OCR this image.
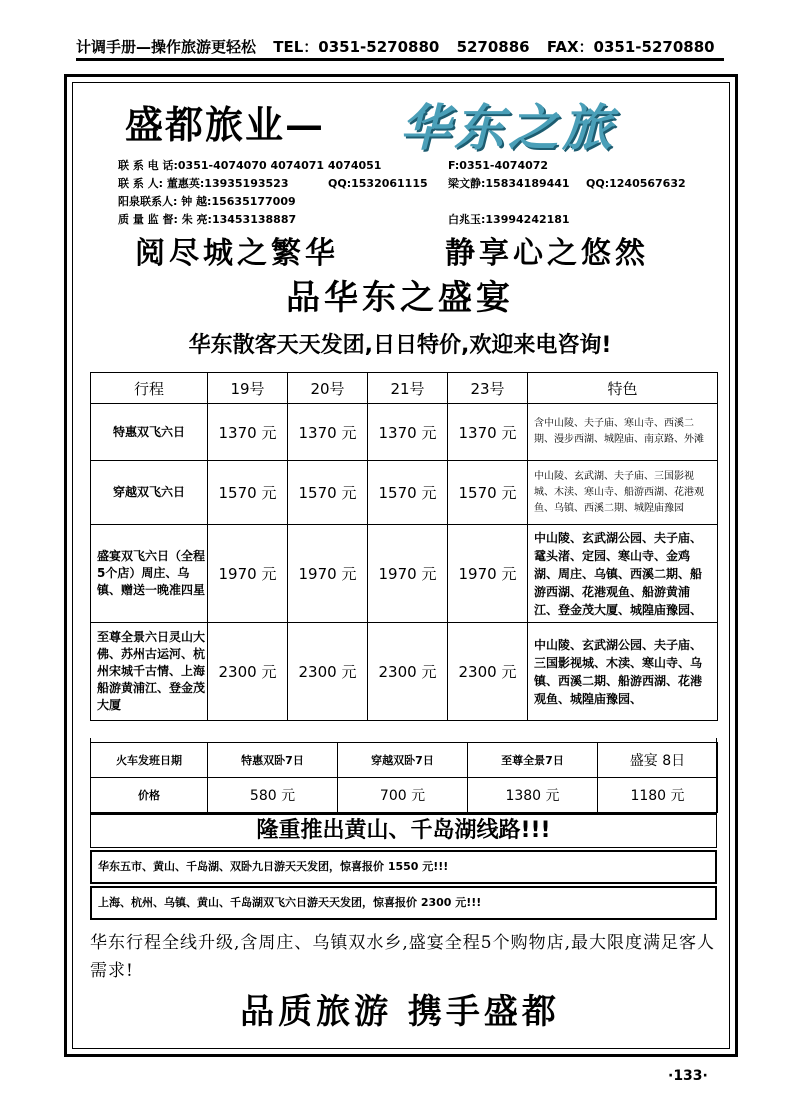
计调手册—操作旅游更轻松 TEL：0351-5270880 5270886 FAX：0351-5270880
盛都旅业— 华东之旅
联 系 电 话:0351-4074070 4074071 4074051	F:0351-4074072
联 系 人: 董惠英:13935193523	QQ:1532061115 梁文静:15834189441 QQ:1240567632
阳泉联系人: 钟 越:15635177009
质 量 监 督: 朱 亮:13453138887	白兆玉:13994242181
阅尽城之繁华	静享心之悠然
品华东之盛宴
华东散客天天发团,日日特价,欢迎来电咨询!
行程	19号	20号	21号	23号	特色
特惠双飞六日	1370 元	1370 元	1370 元	1370 元	含中山陵、夫子庙、寒山寺、西溪二期、漫步西湖、城隍庙、南京路、外滩
穿越双飞六日	1570 元	1570 元	1570 元	1570 元	中山陵、玄武湖、夫子庙、三国影视城、木渎、寒山寺、船游西湖、花港观鱼、乌镇、西溪二期、城隍庙豫园
盛宴双飞六日（全程5个店）周庄、乌镇、赠送一晚准四星	1970 元	1970 元	1970 元	1970 元	中山陵、玄武湖公园、夫子庙、鼋头渚、定园、寒山寺、金鸡湖、周庄、乌镇、西溪二期、船游西湖、花港观鱼、船游黄浦江、登金茂大厦、城隍庙豫园、
至尊全景六日灵山大佛、苏州古运河、杭州宋城千古情、上海船游黄浦江、登金茂大厦	2300 元	2300 元	2300 元	2300 元	中山陵、玄武湖公园、夫子庙、三国影视城、木渎、寒山寺、乌镇、西溪二期、船游西湖、花港观鱼、城隍庙豫园、
火车发班日期	特惠双卧7日	穿越双卧7日	至尊全景7日	盛宴 8日
价格	580 元	700 元	1380 元	1180 元
隆重推出黄山、千岛湖线路!!!
华东五市、黄山、千岛湖、双卧九日游天天发团，惊喜报价 1550 元!!!
上海、杭州、乌镇、黄山、千岛湖双飞六日游天天发团，惊喜报价 2300 元!!!
华东行程全线升级,含周庄、乌镇双水乡,盛宴全程5个购物店,最大限度满足客人需求!
品质旅游 携手盛都
·133·
